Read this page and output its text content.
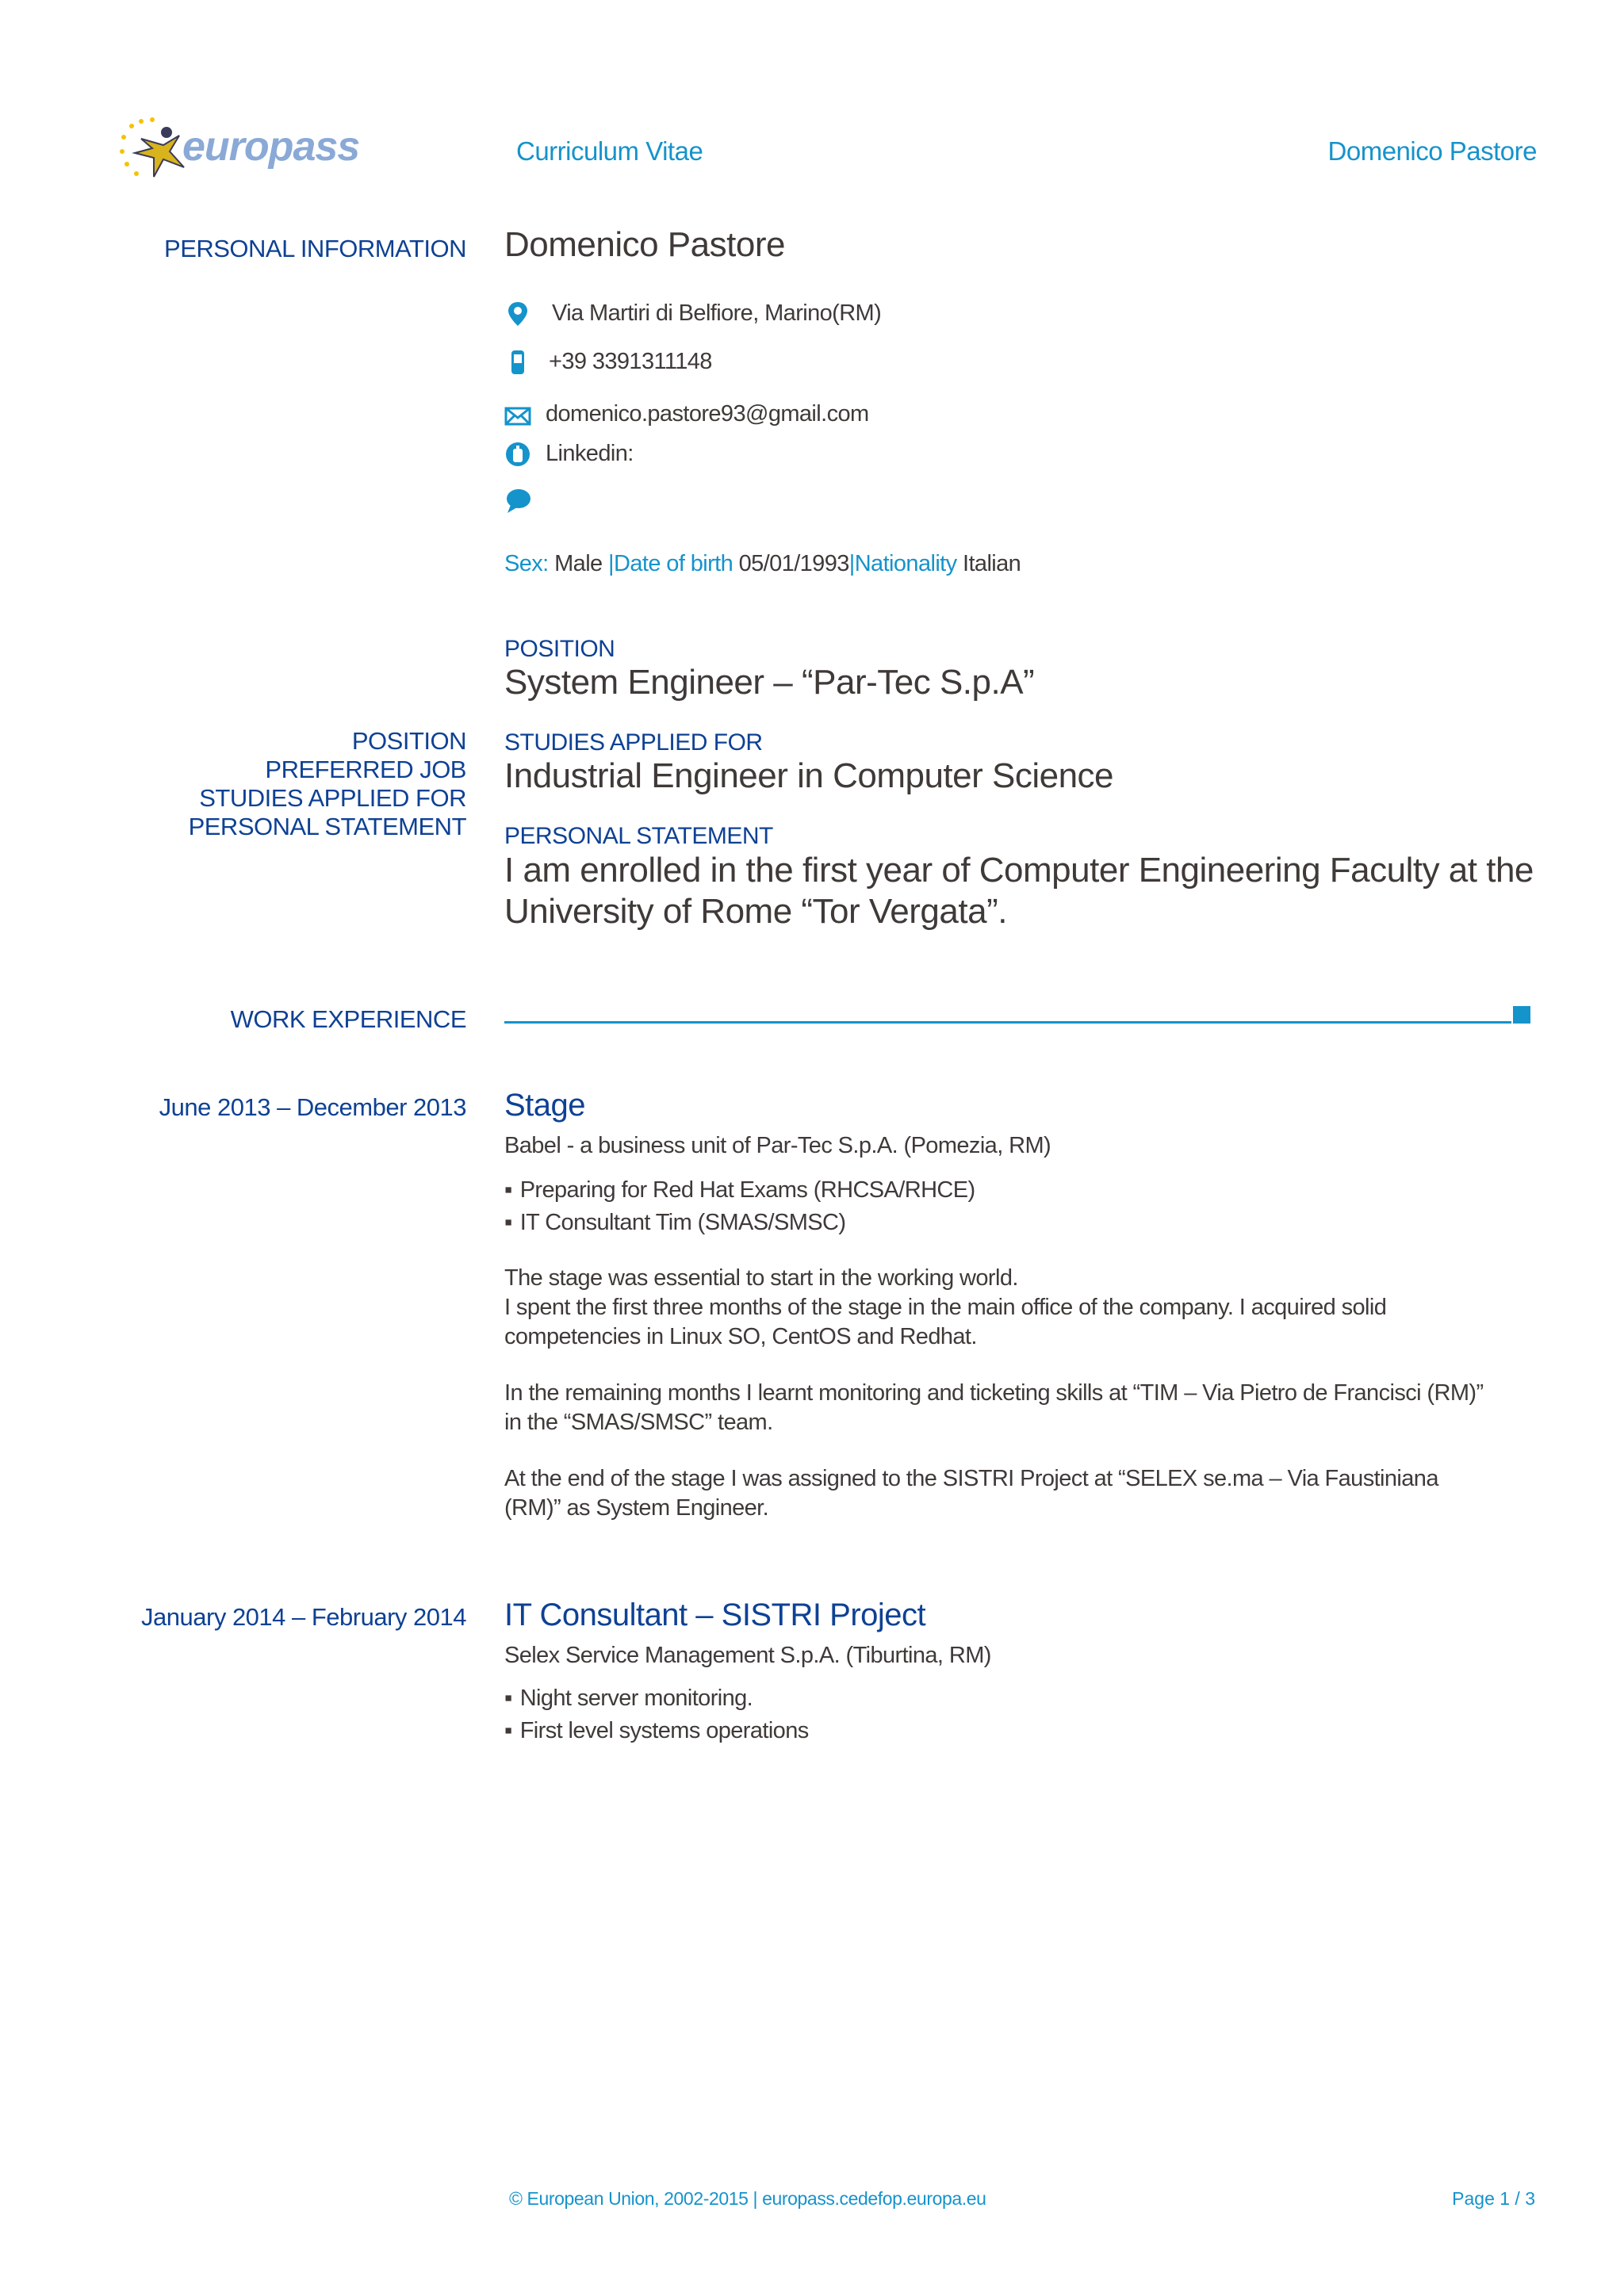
europass	Curriculum Vitae	Domenico Pastore
PERSONAL INFORMATION Domenico Pastore
Via Martiri di Belfiore, Marino(RM)
+39 3391311148
domenico.pastore93@gmail.com
Linkedin:
Sex: Male |Date of birth 05/01/1993|Nationality Italian
POSITION
System Engineer – “Par-Tec S.p.A”
POSITION
PREFERRED JOB
STUDIES APPLIED FOR
PERSONAL STATEMENT
STUDIES APPLIED FOR
Industrial Engineer in Computer Science
PERSONAL STATEMENT
I am enrolled in the first year of Computer Engineering Faculty at the
University of Rome “Tor Vergata”.
WORK EXPERIENCE
June 2013 – December 2013 Stage
Babel - a business unit of Par-Tec S.p.A. (Pomezia, RM)
▪ Preparing for Red Hat Exams (RHCSA/RHCE)
▪ IT Consultant Tim (SMAS/SMSC)
The stage was essential to start in the working world.
I spent the first three months of the stage in the main office of the company. I acquired solid
competencies in Linux SO, CentOS and Redhat.
In the remaining months I learnt monitoring and ticketing skills at “TIM – Via Pietro de Francisci (RM)”
in the “SMAS/SMSC” team.
At the end of the stage I was assigned to the SISTRI Project at “SELEX se.ma – Via Faustiniana
(RM)” as System Engineer.
January 2014 – February 2014 IT Consultant – SISTRI Project
Selex Service Management S.p.A. (Tiburtina, RM)
▪ Night server monitoring.
▪ First level systems operations
© European Union, 2002-2015 | europass.cedefop.europa.eu	Page 1 / 3
